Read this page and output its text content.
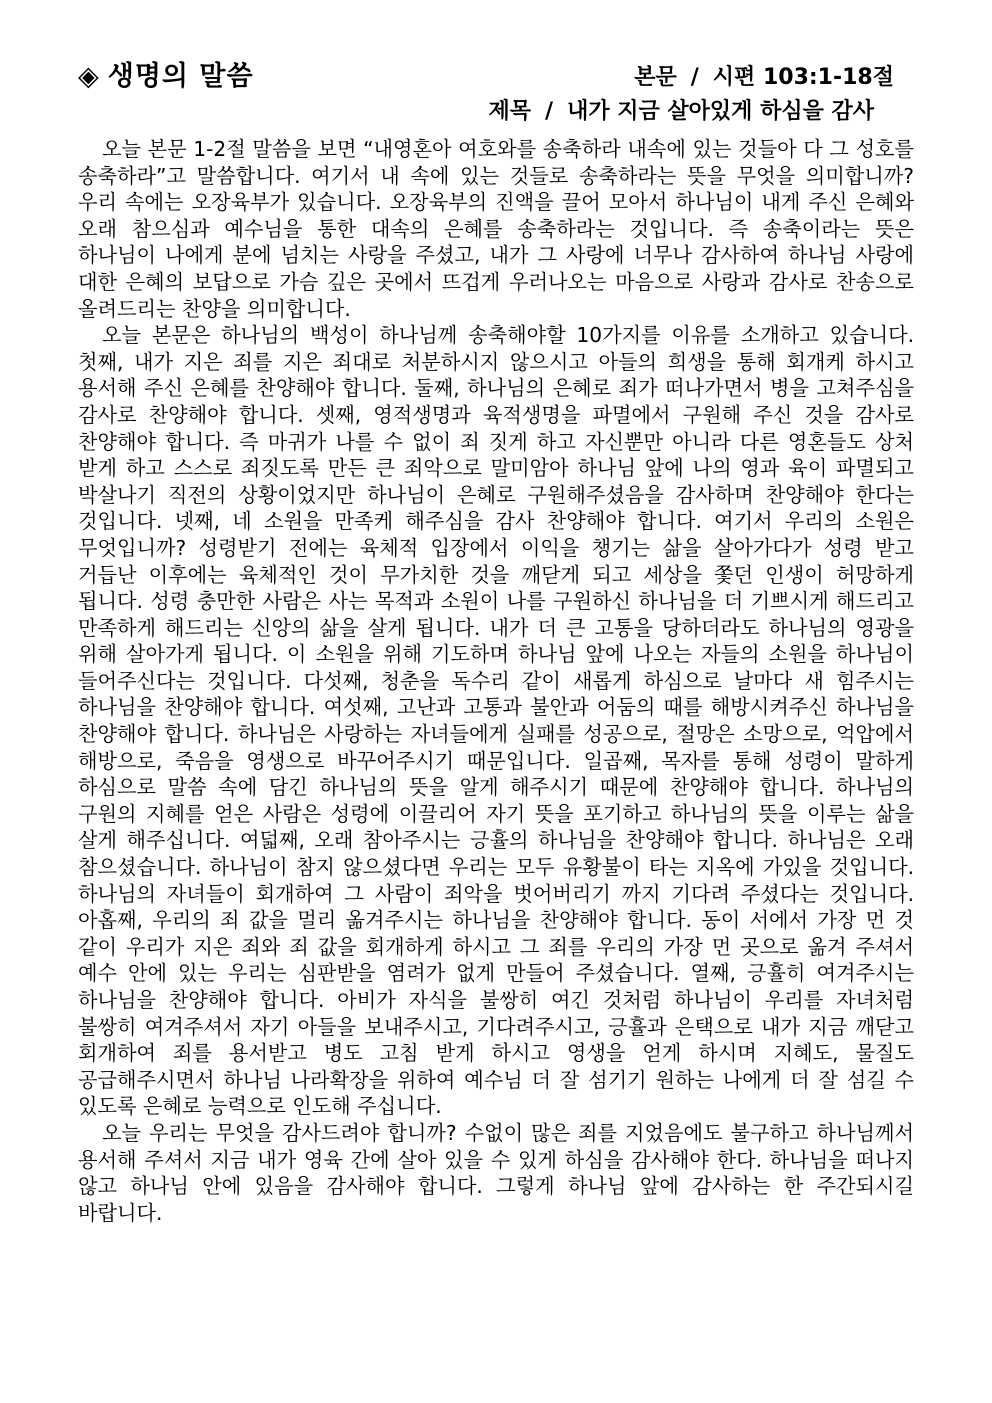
◈ 생명의 말씀	본문 / 시편 103:1-18절
제목 / 내가 지금 살아있게 하심을 감사

오늘 본문 1-2절 말씀을 보면 “내영혼아 여호와를 송축하라 내속에 있는 것들아 다 그 성호를 송축하라”고 말씀합니다. 여기서 내 속에 있는 것들로 송축하라는 뜻을 무엇을 의미합니까? 우리 속에는 오장육부가 있습니다. 오장육부의 진액을 끌어 모아서 하나님이 내게 주신 은혜와 오래 참으심과 예수님을 통한 대속의 은혜를 송축하라는 것입니다. 즉 송축이라는 뜻은 하나님이 나에게 분에 넘치는 사랑을 주셨고, 내가 그 사랑에 너무나 감사하여 하나님 사랑에 대한 은혜의 보답으로 가슴 깊은 곳에서 뜨겁게 우러나오는 마음으로 사랑과 감사로 찬송으로 올려드리는 찬양을 의미합니다.

오늘 본문은 하나님의 백성이 하나님께 송축해야할 10가지를 이유를 소개하고 있습니다. 첫째, 내가 지은 죄를 지은 죄대로 처분하시지 않으시고 아들의 희생을 통해 회개케 하시고 용서해 주신 은혜를 찬양해야 합니다. 둘째, 하나님의 은혜로 죄가 떠나가면서 병을 고쳐주심을 감사로 찬양해야 합니다. 셋째, 영적생명과 육적생명을 파멸에서 구원해 주신 것을 감사로 찬양해야 합니다. 즉 마귀가 나를 수 없이 죄 짓게 하고 자신뿐만 아니라 다른 영혼들도 상처 받게 하고 스스로 죄짓도록 만든 큰 죄악으로 말미암아 하나님 앞에 나의 영과 육이 파멸되고 박살나기 직전의 상황이었지만 하나님이 은혜로 구원해주셨음을 감사하며 찬양해야 한다는 것입니다. 넷째, 네 소원을 만족케 해주심을 감사 찬양해야 합니다. 여기서 우리의 소원은 무엇입니까? 성령받기 전에는 육체적 입장에서 이익을 챙기는 삶을 살아가다가 성령 받고 거듭난 이후에는 육체적인 것이 무가치한 것을 깨닫게 되고 세상을 쫓던 인생이 허망하게 됩니다. 성령 충만한 사람은 사는 목적과 소원이 나를 구원하신 하나님을 더 기쁘시게 해드리고 만족하게 해드리는 신앙의 삶을 살게 됩니다. 내가 더 큰 고통을 당하더라도 하나님의 영광을 위해 살아가게 됩니다. 이 소원을 위해 기도하며 하나님 앞에 나오는 자들의 소원을 하나님이 들어주신다는 것입니다. 다섯째, 청춘을 독수리 같이 새롭게 하심으로 날마다 새 힘주시는 하나님을 찬양해야 합니다. 여섯째, 고난과 고통과 불안과 어둠의 때를 해방시켜주신 하나님을 찬양해야 합니다. 하나님은 사랑하는 자녀들에게 실패를 성공으로, 절망은 소망으로, 억압에서 해방으로, 죽음을 영생으로 바꾸어주시기 때문입니다. 일곱째, 목자를 통해 성령이 말하게 하심으로 말씀 속에 담긴 하나님의 뜻을 알게 해주시기 때문에 찬양해야 합니다. 하나님의 구원의 지혜를 얻은 사람은 성령에 이끌리어 자기 뜻을 포기하고 하나님의 뜻을 이루는 삶을 살게 해주십니다. 여덟째, 오래 참아주시는 긍휼의 하나님을 찬양해야 합니다. 하나님은 오래 참으셨습니다. 하나님이 참지 않으셨다면 우리는 모두 유황불이 타는 지옥에 가있을 것입니다. 하나님의 자녀들이 회개하여 그 사람이 죄악을 벗어버리기 까지 기다려 주셨다는 것입니다. 아홉째, 우리의 죄 값을 멀리 옮겨주시는 하나님을 찬양해야 합니다. 동이 서에서 가장 먼 것 같이 우리가 지은 죄와 죄 값을 회개하게 하시고 그 죄를 우리의 가장 먼 곳으로 옮겨 주셔서 예수 안에 있는 우리는 심판받을 염려가 없게 만들어 주셨습니다. 열째, 긍휼히 여겨주시는 하나님을 찬양해야 합니다. 아비가 자식을 불쌍히 여긴 것처럼 하나님이 우리를 자녀처럼 불쌍히 여겨주셔서 자기 아들을 보내주시고, 기다려주시고, 긍휼과 은택으로 내가 지금 깨닫고 회개하여 죄를 용서받고 병도 고침 받게 하시고 영생을 얻게 하시며 지혜도, 물질도 공급해주시면서 하나님 나라확장을 위하여 예수님 더 잘 섬기기 원하는 나에게 더 잘 섬길 수 있도록 은혜로 능력으로 인도해 주십니다.

오늘 우리는 무엇을 감사드려야 합니까? 수없이 많은 죄를 지었음에도 불구하고 하나님께서 용서해 주셔서 지금 내가 영육 간에 살아 있을 수 있게 하심을 감사해야 한다. 하나님을 떠나지 않고 하나님 안에 있음을 감사해야 합니다. 그렇게 하나님 앞에 감사하는 한 주간되시길 바랍니다.
